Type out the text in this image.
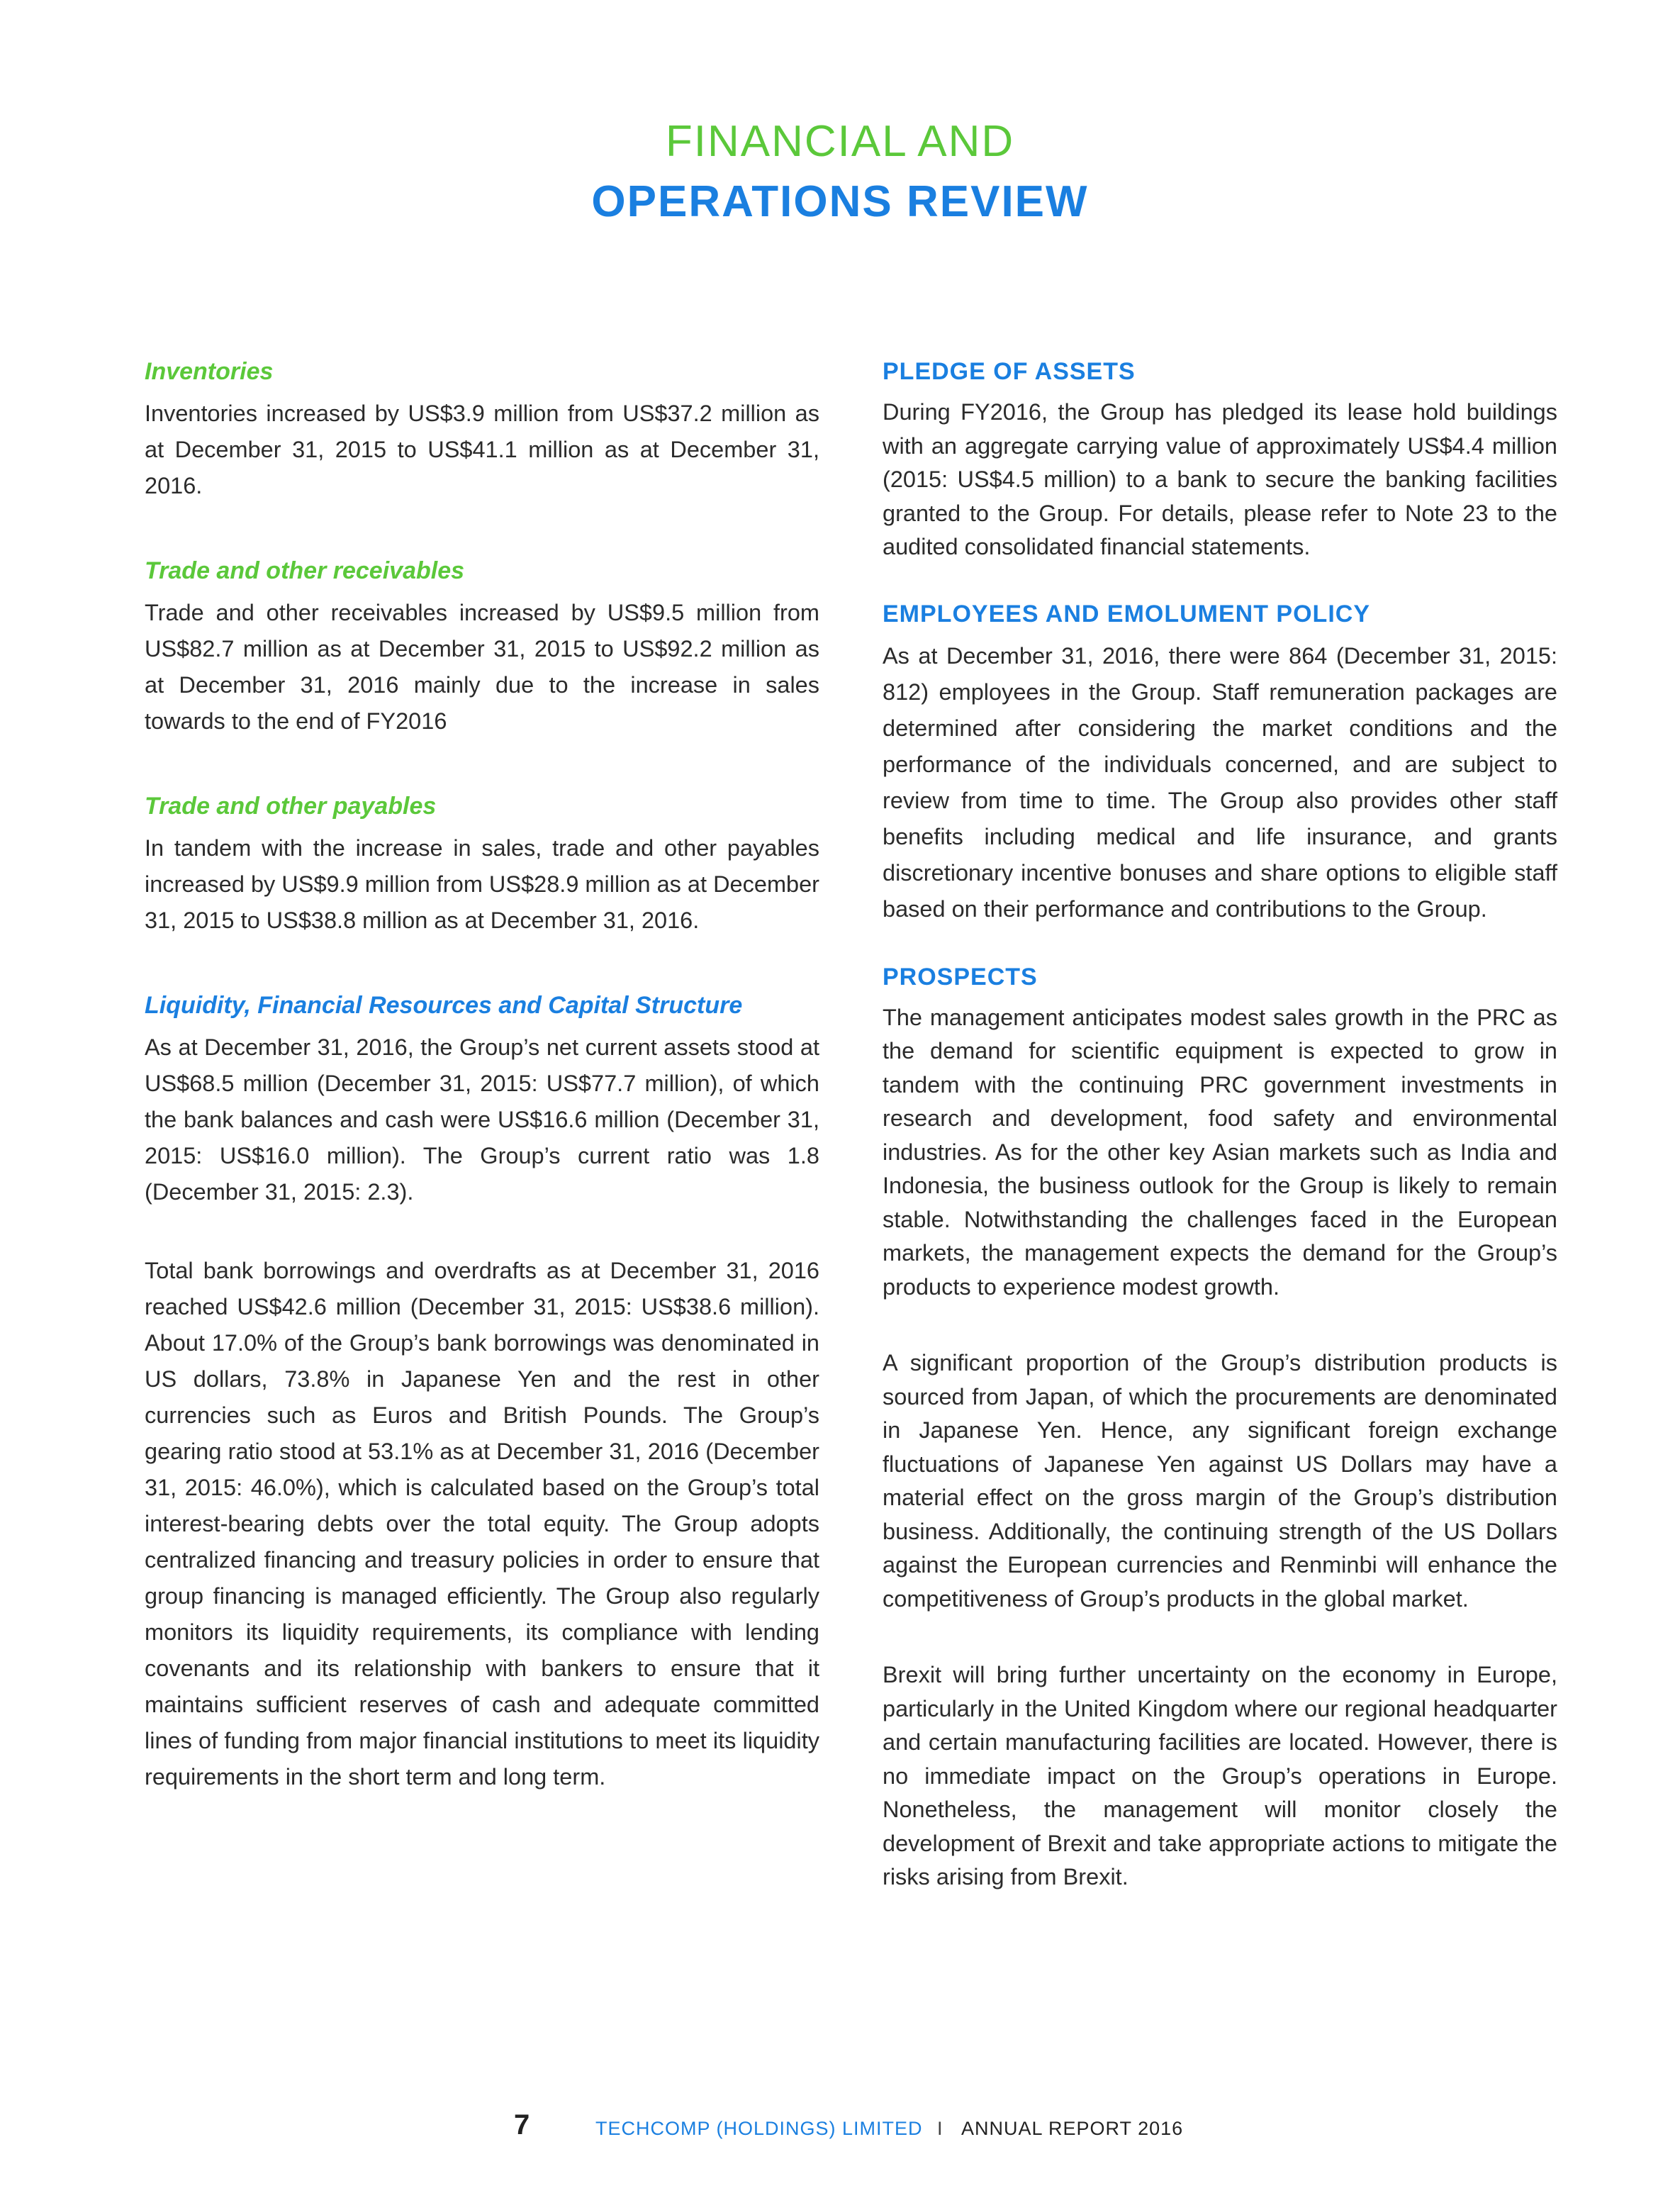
FINANCIAL AND
OPERATIONS REVIEW
Inventories

Inventories increased by US$3.9 million from US$37.2 million as at December 31, 2015 to US$41.1 million as at December 31, 2016.

Trade and other receivables

Trade and other receivables increased by US$9.5 million from US$82.7 million as at December 31, 2015 to US$92.2 million as at December 31, 2016 mainly due to the increase in sales towards to the end of FY2016

Trade and other payables

In tandem with the increase in sales, trade and other payables increased by US$9.9 million from US$28.9 million as at December 31, 2015 to US$38.8 million as at December 31, 2016.

Liquidity, Financial Resources and Capital Structure

As at December 31, 2016, the Group’s net current assets stood at US$68.5 million (December 31, 2015: US$77.7 million), of which the bank balances and cash were US$16.6 million (December 31, 2015: US$16.0 million). The Group’s current ratio was 1.8 (December 31, 2015: 2.3).

Total bank borrowings and overdrafts as at December 31, 2016 reached US$42.6 million (December 31, 2015: US$38.6 million). About 17.0% of the Group’s bank borrowings was denominated in US dollars, 73.8% in Japanese Yen and the rest in other currencies such as Euros and British Pounds. The Group’s gearing ratio stood at 53.1% as at December 31, 2016 (December 31, 2015: 46.0%), which is calculated based on the Group’s total interest-bearing debts over the total equity. The Group adopts centralized financing and treasury policies in order to ensure that group financing is managed efficiently. The Group also regularly monitors its liquidity requirements, its compliance with lending covenants and its relationship with bankers to ensure that it maintains sufficient reserves of cash and adequate committed lines of funding from major financial institutions to meet its liquidity requirements in the short term and long term.

PLEDGE OF ASSETS

During FY2016, the Group has pledged its lease hold buildings with an aggregate carrying value of approximately US$4.4 million (2015: US$4.5 million) to a bank to secure the banking facilities granted to the Group. For details, please refer to Note 23 to the audited consolidated financial statements.

EMPLOYEES AND EMOLUMENT POLICY

As at December 31, 2016, there were 864 (December 31, 2015: 812) employees in the Group. Staff remuneration packages are determined after considering the market conditions and the performance of the individuals concerned, and are subject to review from time to time. The Group also provides other staff benefits including medical and life insurance, and grants discretionary incentive bonuses and share options to eligible staff based on their performance and contributions to the Group.

PROSPECTS

The management anticipates modest sales growth in the PRC as the demand for scientific equipment is expected to grow in tandem with the continuing PRC government investments in research and development, food safety and environmental industries. As for the other key Asian markets such as India and Indonesia, the business outlook for the Group is likely to remain stable. Notwithstanding the challenges faced in the European markets, the management expects the demand for the Group’s products to experience modest growth.

A significant proportion of the Group’s distribution products is sourced from Japan, of which the procurements are denominated in Japanese Yen. Hence, any significant foreign exchange fluctuations of Japanese Yen against US Dollars may have a material effect on the gross margin of the Group’s distribution business. Additionally, the continuing strength of the US Dollars against the European currencies and Renminbi will enhance the competitiveness of Group’s products in the global market.

Brexit will bring further uncertainty on the economy in Europe, particularly in the United Kingdom where our regional headquarter and certain manufacturing facilities are located. However, there is no immediate impact on the Group’s operations in Europe. Nonetheless, the management will monitor closely the development of Brexit and take appropriate actions to mitigate the risks arising from Brexit.

7	TECHCOMP (HOLDINGS) LIMITED I ANNUAL REPORT 2016
